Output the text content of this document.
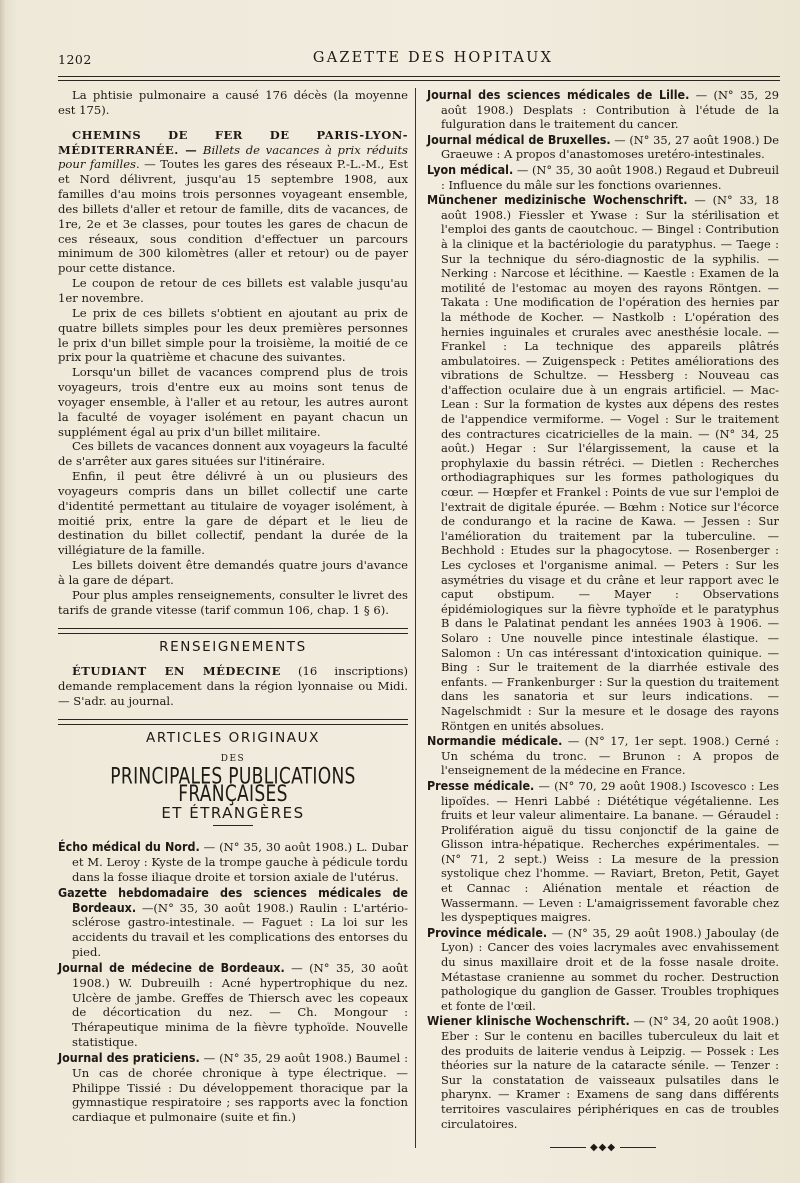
1202	GAZETTE DES HOPITAUX

La phtisie pulmonaire a causé 176 décès (la moyenne est 175).

CHEMINS DE FER DE PARIS-LYON-MÉDITERRANÉE. — Billets de vacances à prix réduits pour familles. — Toutes les gares des réseaux P.-L.-M., Est et Nord délivrent, jusqu'au 15 septembre 1908, aux familles d'au moins trois personnes voyageant ensemble, des billets d'aller et retour de famille, dits de vacances, de 1re, 2e et 3e classes, pour toutes les gares de chacun de ces réseaux, sous condition d'effectuer un parcours minimum de 300 kilomètres (aller et retour) ou de payer pour cette distance.

Le coupon de retour de ces billets est valable jusqu'au 1er novembre.

Le prix de ces billets s'obtient en ajoutant au prix de quatre billets simples pour les deux premières personnes le prix d'un billet simple pour la troisième, la moitié de ce prix pour la quatrième et chacune des suivantes.

Lorsqu'un billet de vacances comprend plus de trois voyageurs, trois d'entre eux au moins sont tenus de voyager ensemble, à l'aller et au retour, les autres auront la faculté de voyager isolément en payant chacun un supplément égal au prix d'un billet militaire.

Ces billets de vacances donnent aux voyageurs la faculté de s'arrêter aux gares situées sur l'itinéraire.

Enfin, il peut être délivré à un ou plusieurs des voyageurs compris dans un billet collectif une carte d'identité permettant au titulaire de voyager isolément, à moitié prix, entre la gare de départ et le lieu de destination du billet collectif, pendant la durée de la villégiature de la famille.

Les billets doivent être demandés quatre jours d'avance à la gare de départ.

Pour plus amples renseignements, consulter le livret des tarifs de grande vitesse (tarif commun 106, chap. 1 § 6).

RENSEIGNEMENTS

ÉTUDIANT EN MÉDECINE (16 inscriptions) demande remplacement dans la région lyonnaise ou Midi.— S'adr. au journal.

ARTICLES ORIGINAUX
DES
PRINCIPALES PUBLICATIONS FRANÇAISES
ET ÉTRANGÈRES

Écho médical du Nord. — (N° 35, 30 août 1908.) L. Dubar et M. Leroy : Kyste de la trompe gauche à pédicule tordu dans la fosse iliaque droite et torsion axiale de l'utérus.

Gazette hebdomadaire des sciences médicales de Bordeaux. —(N° 35, 30 août 1908.) Raulin : L'artério-sclérose gastro-intestinale. — Faguet : La loi sur les accidents du travail et les complications des entorses du pied.

Journal de médecine de Bordeaux. — (N° 35, 30 août 1908.) W. Dubreuilh : Acné hypertrophique du nez. Ulcère de jambe. Greffes de Thiersch avec les copeaux de décortication du nez. — Ch. Mongour : Thérapeutique minima de la fièvre typhoïde. Nouvelle statistique.

Journal des praticiens. — (N° 35, 29 août 1908.) Baumel : Un cas de chorée chronique à type électrique. — Philippe Tissié : Du développement thoracique par la gymnastique respiratoire ; ses rapports avec la fonction cardiaque et pulmonaire (suite et fin.)

Journal des sciences médicales de Lille. — (N° 35, 29 août 1908.) Desplats : Contribution à l'étude de la fulguration dans le traitement du cancer.

Journal médical de Bruxelles. — (N° 35, 27 août 1908.) De Graeuwe : A propos d'anastomoses uretéro-intestinales.

Lyon médical. — (N° 35, 30 août 1908.) Regaud et Dubreuil : Influence du mâle sur les fonctions ovariennes.

Münchener medizinische Wochenschrift. — (N° 33, 18 août 1908.) Fiessler et Ywase : Sur la stérilisation et l'emploi des gants de caoutchouc. — Bingel : Contribution à la clinique et la bactériologie du paratyphus. — Taege : Sur la technique du séro-diagnostic de la syphilis. — Nerking : Narcose et lécithine. — Kaestle : Examen de la motilité de l'estomac au moyen des rayons Röntgen. — Takata : Une modification de l'opération des hernies par la méthode de Kocher. — Nastkolb : L'opération des hernies inguinales et crurales avec anesthésie locale. — Frankel : La technique des appareils plâtrés ambulatoires. — Zuigenspeck : Petites améliorations des vibrations de Schultze. — Hessberg : Nouveau cas d'affection oculaire due à un engrais artificiel. — Mac-Lean : Sur la formation de kystes aux dépens des restes de l'appendice vermiforme. — Vogel : Sur le traitement des contractures cicatricielles de la main. — (N° 34, 25 août.) Hegar : Sur l'élargissement, la cause et la prophylaxie du bassin rétréci. — Dietlen : Recherches orthodiagraphiques sur les formes pathologiques du cœur. — Hœpfer et Frankel : Points de vue sur l'emploi de l'extrait de digitale épurée. — Bœhm : Notice sur l'écorce de condurango et la racine de Kawa. — Jessen : Sur l'amélioration du traitement par la tuberculine. — Bechhold : Etudes sur la phagocytose. — Rosenberger : Les cycloses et l'organisme animal. — Peters : Sur les asymétries du visage et du crâne et leur rapport avec le caput obstipum. — Mayer : Observations épidémiologiques sur la fièvre typhoïde et le paratyphus B dans le Palatinat pendant les années 1903 à 1906. — Solaro : Une nouvelle pince intestinale élastique. — Salomon : Un cas intéressant d'intoxication quinique. — Bing : Sur le traitement de la diarrhée estivale des enfants. — Frankenburger : Sur la question du traitement dans les sanatoria et sur leurs indications. — Nagelschmidt : Sur la mesure et le dosage des rayons Röntgen en unités absolues.

Normandie médicale. — (N° 17, 1er sept. 1908.) Cerné : Un schéma du tronc. — Brunon : A propos de l'enseignement de la médecine en France.

Presse médicale. — (N° 70, 29 août 1908.) Iscovesco : Les lipoïdes. — Henri Labbé : Diététique végétalienne. Les fruits et leur valeur alimentaire. La banane. — Géraudel : Prolifération aiguë du tissu conjonctif de la gaine de Glisson intra-hépatique. Recherches expérimentales. — (N° 71, 2 sept.) Weiss : La mesure de la pression systolique chez l'homme. — Raviart, Breton, Petit, Gayet et Cannac : Aliénation mentale et réaction de Wassermann. — Leven : L'amaigrissement favorable chez les dyspeptiques maigres.

Province médicale. — (N° 35, 29 août 1908.) Jaboulay (de Lyon) : Cancer des voies lacrymales avec envahissement du sinus maxillaire droit et de la fosse nasale droite. Métastase cranienne au sommet du rocher. Destruction pathologique du ganglion de Gasser. Troubles trophiques et fonte de l'œil.

Wiener klinische Wochenschrift. — (N° 34, 20 août 1908.) Eber : Sur le contenu en bacilles tuberculeux du lait et des produits de laiterie vendus à Leipzig. — Possek : Les théories sur la nature de la cataracte sénile. — Tenzer : Sur la constatation de vaisseaux pulsatiles dans le pharynx. — Kramer : Examens de sang dans différents territoires vasculaires périphériques en cas de troubles circulatoires.

◆◆◆
